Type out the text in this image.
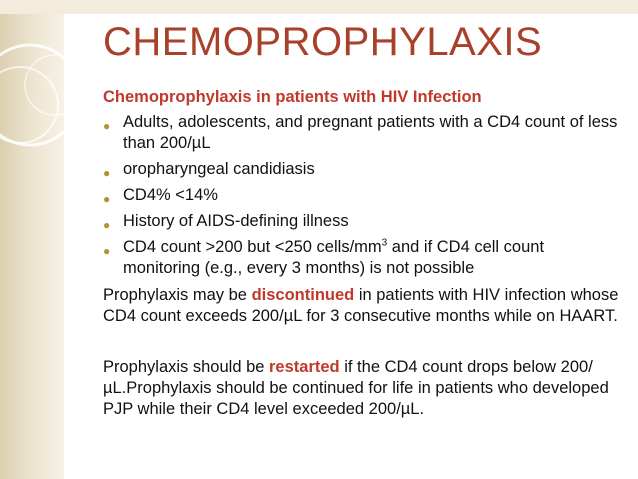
CHEMOPROPHYLAXIS
Chemoprophylaxis in patients with HIV Infection
● Adults, adolescents, and pregnant patients with a CD4 count of less than 200/µL
● oropharyngeal candidiasis
● CD4% <14%
● History of AIDS-defining illness
● CD4 count >200 but <250 cells/$mm^3$ and if CD4 cell count monitoring (e.g., every 3 months) is not possible
Prophylaxis may be discontinued in patients with HIV infection whose CD4 count exceeds 200/µL for 3 consecutive months while on HAART.
Prophylaxis should be restarted if the CD4 count drops below 200/µL.Prophylaxis should be continued for life in patients who developed PJP while their CD4 level exceeded 200/µL.
